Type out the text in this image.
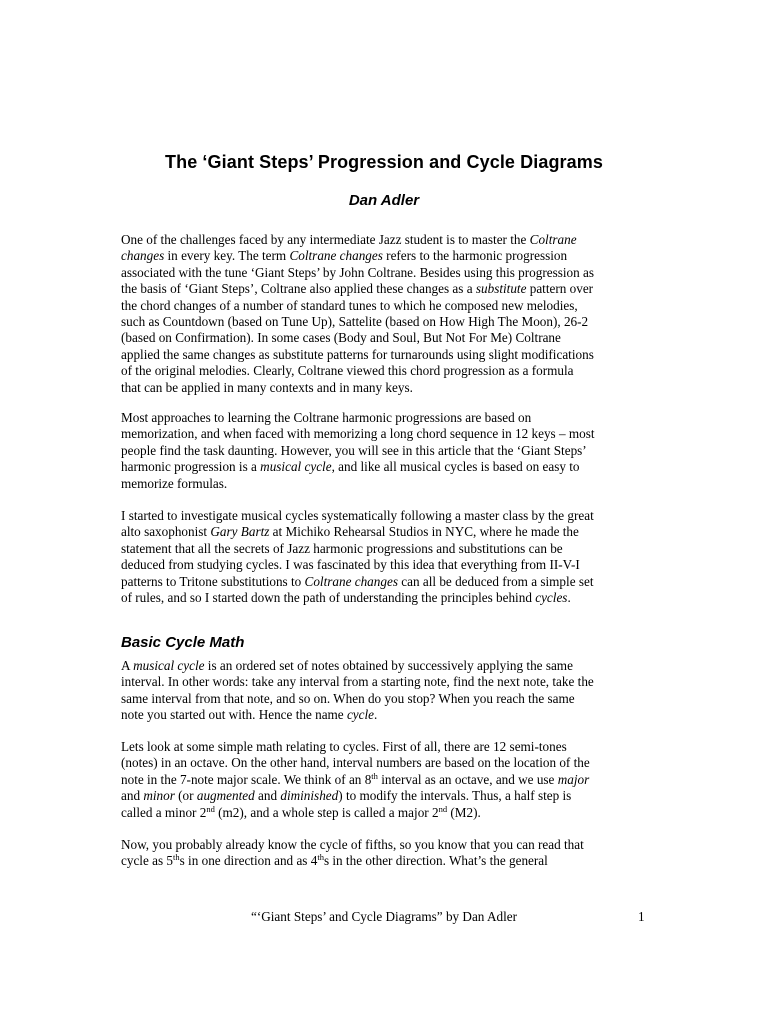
The ‘Giant Steps’ Progression and Cycle Diagrams
Dan Adler

One of the challenges faced by any intermediate Jazz student is to master the Coltrane
changes in every key. The term Coltrane changes refers to the harmonic progression
associated with the tune ‘Giant Steps’ by John Coltrane. Besides using this progression as
the basis of ‘Giant Steps’, Coltrane also applied these changes as a substitute pattern over
the chord changes of a number of standard tunes to which he composed new melodies,
such as Countdown (based on Tune Up), Sattelite (based on How High The Moon), 26-2
(based on Confirmation). In some cases (Body and Soul, But Not For Me) Coltrane
applied the same changes as substitute patterns for turnarounds using slight modifications
of the original melodies. Clearly, Coltrane viewed this chord progression as a formula
that can be applied in many contexts and in many keys.

Most approaches to learning the Coltrane harmonic progressions are based on
memorization, and when faced with memorizing a long chord sequence in 12 keys – most
people find the task daunting. However, you will see in this article that the ‘Giant Steps’
harmonic progression is a musical cycle, and like all musical cycles is based on easy to
memorize formulas.

I started to investigate musical cycles systematically following a master class by the great
alto saxophonist Gary Bartz at Michiko Rehearsal Studios in NYC, where he made the
statement that all the secrets of Jazz harmonic progressions and substitutions can be
deduced from studying cycles. I was fascinated by this idea that everything from II-V-I
patterns to Tritone substitutions to Coltrane changes can all be deduced from a simple set
of rules, and so I started down the path of understanding the principles behind cycles.

Basic Cycle Math

A musical cycle is an ordered set of notes obtained by successively applying the same
interval. In other words: take any interval from a starting note, find the next note, take the
same interval from that note, and so on. When do you stop? When you reach the same
note you started out with. Hence the name cycle.

Lets look at some simple math relating to cycles. First of all, there are 12 semi-tones
(notes) in an octave. On the other hand, interval numbers are based on the location of the
note in the 7-note major scale. We think of an 8th interval as an octave, and we use major
and minor (or augmented and diminished) to modify the intervals. Thus, a half step is
called a minor 2nd (m2), and a whole step is called a major 2nd (M2).

Now, you probably already know the cycle of fifths, so you know that you can read that
cycle as 5ths in one direction and as 4ths in the other direction. What’s the general

“‘Giant Steps’ and Cycle Diagrams” by Dan Adler	1
